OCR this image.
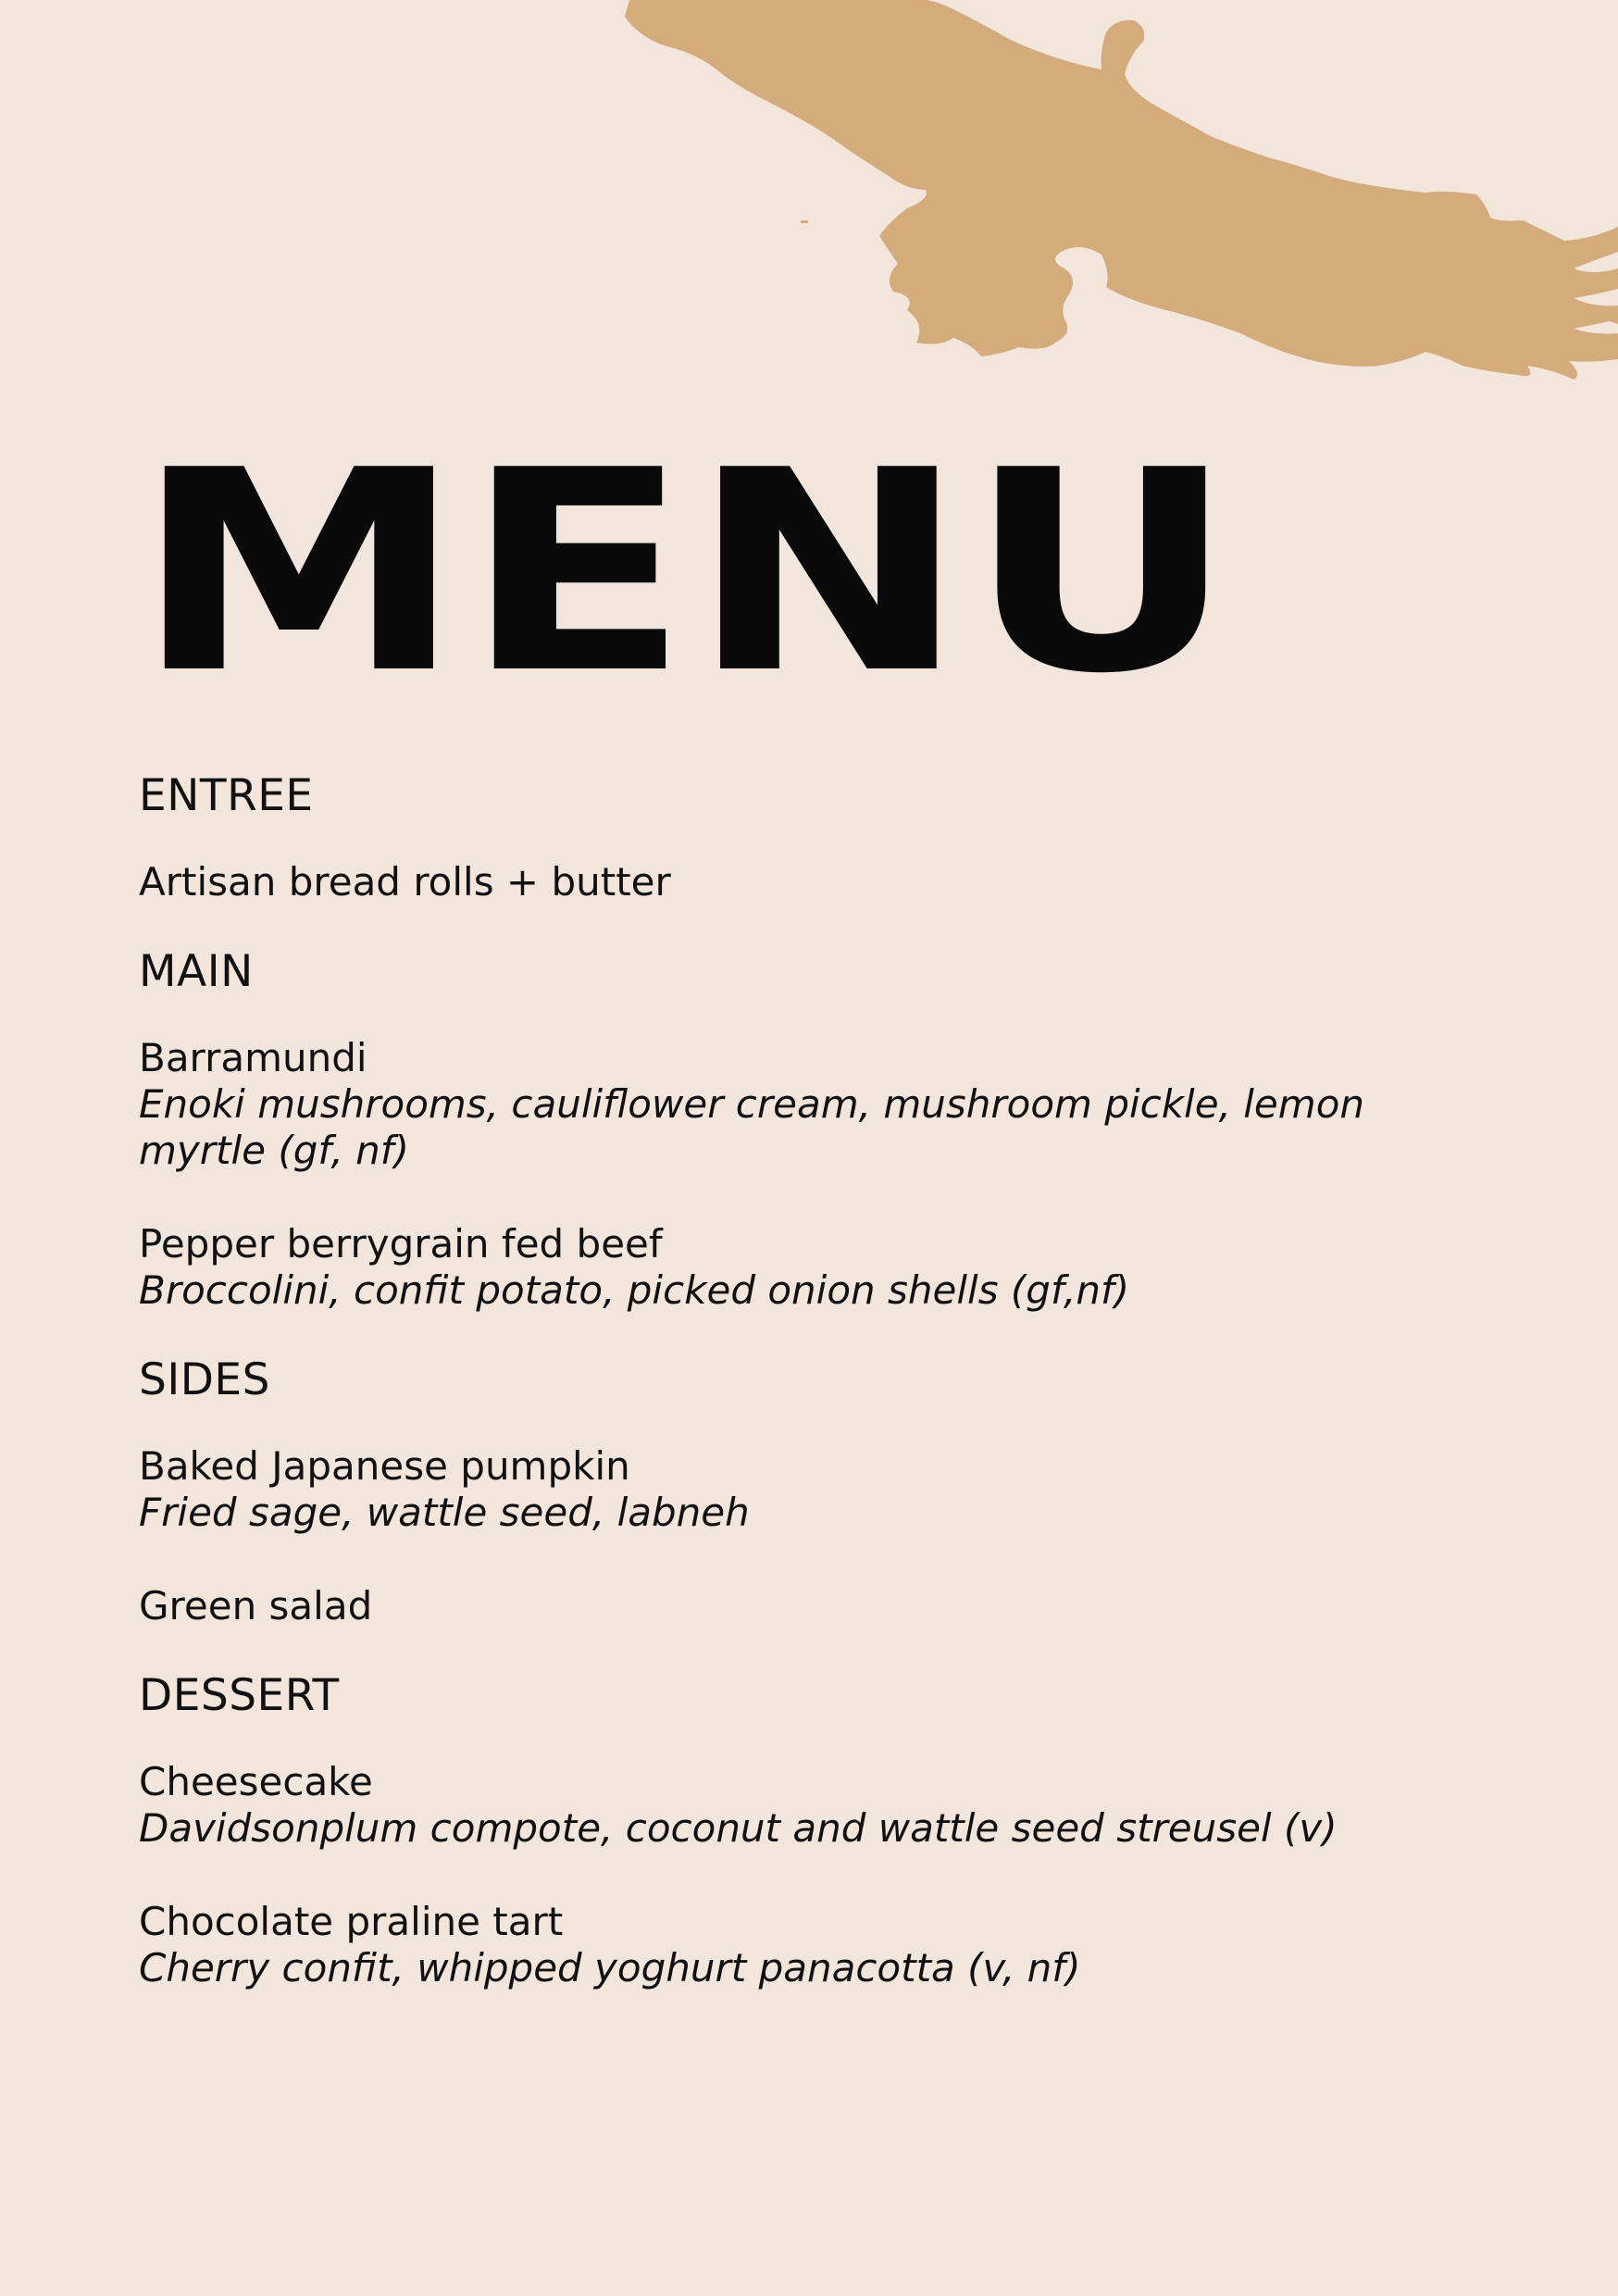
MENU
ENTREE
Artisan bread rolls + butter
MAIN
Barramundi
Enoki mushrooms, cauliflower cream, mushroom pickle, lemon myrtle (gf, nf)
Pepper berrygrain fed beef
Broccolini, confit potato, picked onion shells (gf,nf)
SIDES
Baked Japanese pumpkin
Fried sage, wattle seed, labneh
Green salad
DESSERT
Cheesecake
Davidsonplum compote, coconut and wattle seed streusel (v)
Chocolate praline tart
Cherry confit, whipped yoghurt panacotta (v, nf)
